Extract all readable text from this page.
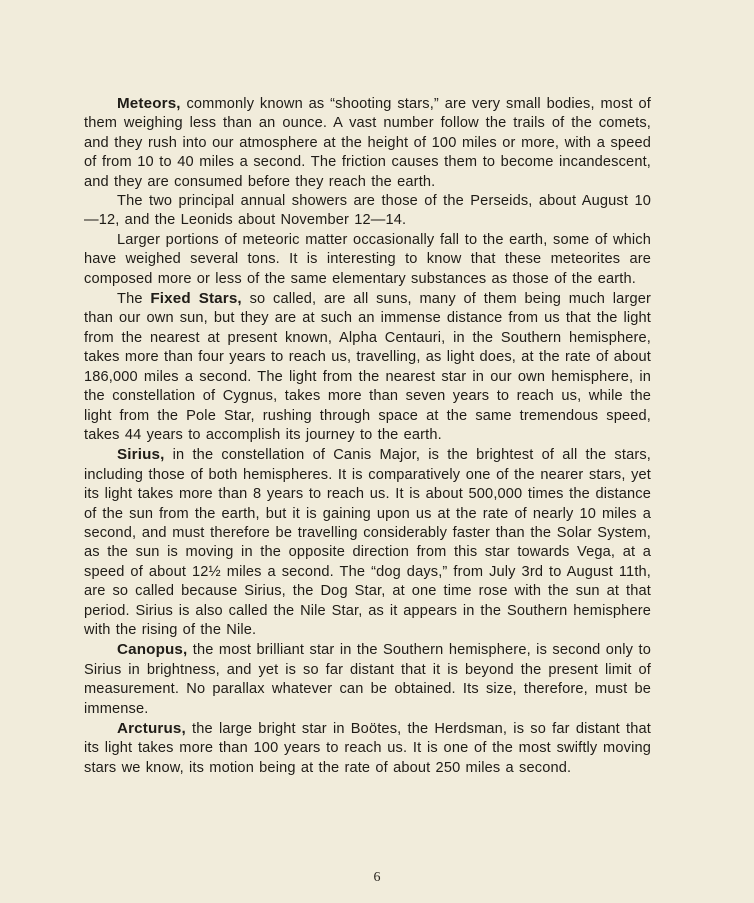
Meteors, commonly known as “shooting stars,” are very small bodies, most of them weighing less than an ounce. A vast number follow the trails of the comets, and they rush into our atmosphere at the height of 100 miles or more, with a speed of from 10 to 40 miles a second. The friction causes them to become incandescent, and they are consumed before they reach the earth.

The two principal annual showers are those of the Perseids, about August 10—12, and the Leonids about November 12—14.

Larger portions of meteoric matter occasionally fall to the earth, some of which have weighed several tons. It is interesting to know that these meteorites are composed more or less of the same elementary substances as those of the earth.

The Fixed Stars, so called, are all suns, many of them being much larger than our own sun, but they are at such an immense distance from us that the light from the nearest at present known, Alpha Centauri, in the Southern hemisphere, takes more than four years to reach us, travelling, as light does, at the rate of about 186,000 miles a second. The light from the nearest star in our own hemisphere, in the constellation of Cygnus, takes more than seven years to reach us, while the light from the Pole Star, rushing through space at the same tremendous speed, takes 44 years to accomplish its journey to the earth.

Sirius, in the constellation of Canis Major, is the brightest of all the stars, including those of both hemispheres. It is comparatively one of the nearer stars, yet its light takes more than 8 years to reach us. It is about 500,000 times the distance of the sun from the earth, but it is gaining upon us at the rate of nearly 10 miles a second, and must therefore be travelling considerably faster than the Solar System, as the sun is moving in the opposite direction from this star towards Vega, at a speed of about 12½ miles a second. The “dog days,” from July 3rd to August 11th, are so called because Sirius, the Dog Star, at one time rose with the sun at that period. Sirius is also called the Nile Star, as it appears in the Southern hemisphere with the rising of the Nile.

Canopus, the most brilliant star in the Southern hemisphere, is second only to Sirius in brightness, and yet is so far distant that it is beyond the present limit of measurement. No parallax whatever can be obtained. Its size, therefore, must be immense.

Arcturus, the large bright star in Boötes, the Herdsman, is so far distant that its light takes more than 100 years to reach us. It is one of the most swiftly moving stars we know, its motion being at the rate of about 250 miles a second.

6
